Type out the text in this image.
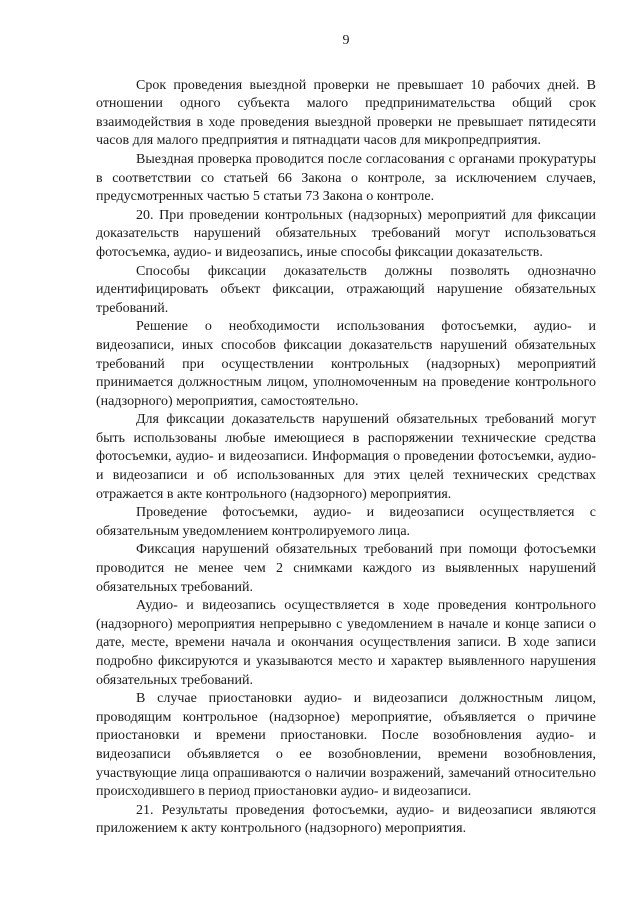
9

Срок проведения выездной проверки не превышает 10 рабочих дней. В отношении одного субъекта малого предпринимательства общий срок взаимодействия в ходе проведения выездной проверки не превышает пятидесяти часов для малого предприятия и пятнадцати часов для микропредприятия.

Выездная проверка проводится после согласования с органами прокуратуры в соответствии со статьей 66 Закона о контроле, за исключением случаев, предусмотренных частью 5 статьи 73 Закона о контроле.

20. При проведении контрольных (надзорных) мероприятий для фиксации доказательств нарушений обязательных требований могут использоваться фотосъемка, аудио- и видеозапись, иные способы фиксации доказательств.

Способы фиксации доказательств должны позволять однозначно идентифицировать объект фиксации, отражающий нарушение обязательных требований.

Решение о необходимости использования фотосъемки, аудио- и видеозаписи, иных способов фиксации доказательств нарушений обязательных требований при осуществлении контрольных (надзорных) мероприятий принимается должностным лицом, уполномоченным на проведение контрольного (надзорного) мероприятия, самостоятельно.

Для фиксации доказательств нарушений обязательных требований могут быть использованы любые имеющиеся в распоряжении технические средства фотосъемки, аудио- и видеозаписи. Информация о проведении фотосъемки, аудио- и видеозаписи и об использованных для этих целей технических средствах отражается в акте контрольного (надзорного) мероприятия.

Проведение фотосъемки, аудио- и видеозаписи осуществляется с обязательным уведомлением контролируемого лица.

Фиксация нарушений обязательных требований при помощи фотосъемки проводится не менее чем 2 снимками каждого из выявленных нарушений обязательных требований.

Аудио- и видеозапись осуществляется в ходе проведения контрольного (надзорного) мероприятия непрерывно с уведомлением в начале и конце записи о дате, месте, времени начала и окончания осуществления записи. В ходе записи подробно фиксируются и указываются место и характер выявленного нарушения обязательных требований.

В случае приостановки аудио- и видеозаписи должностным лицом, проводящим контрольное (надзорное) мероприятие, объявляется о причине приостановки и времени приостановки. После возобновления аудио- и видеозаписи объявляется о ее возобновлении, времени возобновления, участвующие лица опрашиваются о наличии возражений, замечаний относительно происходившего в период приостановки аудио- и видеозаписи.

21. Результаты проведения фотосъемки, аудио- и видеозаписи являются приложением к акту контрольного (надзорного) мероприятия.
